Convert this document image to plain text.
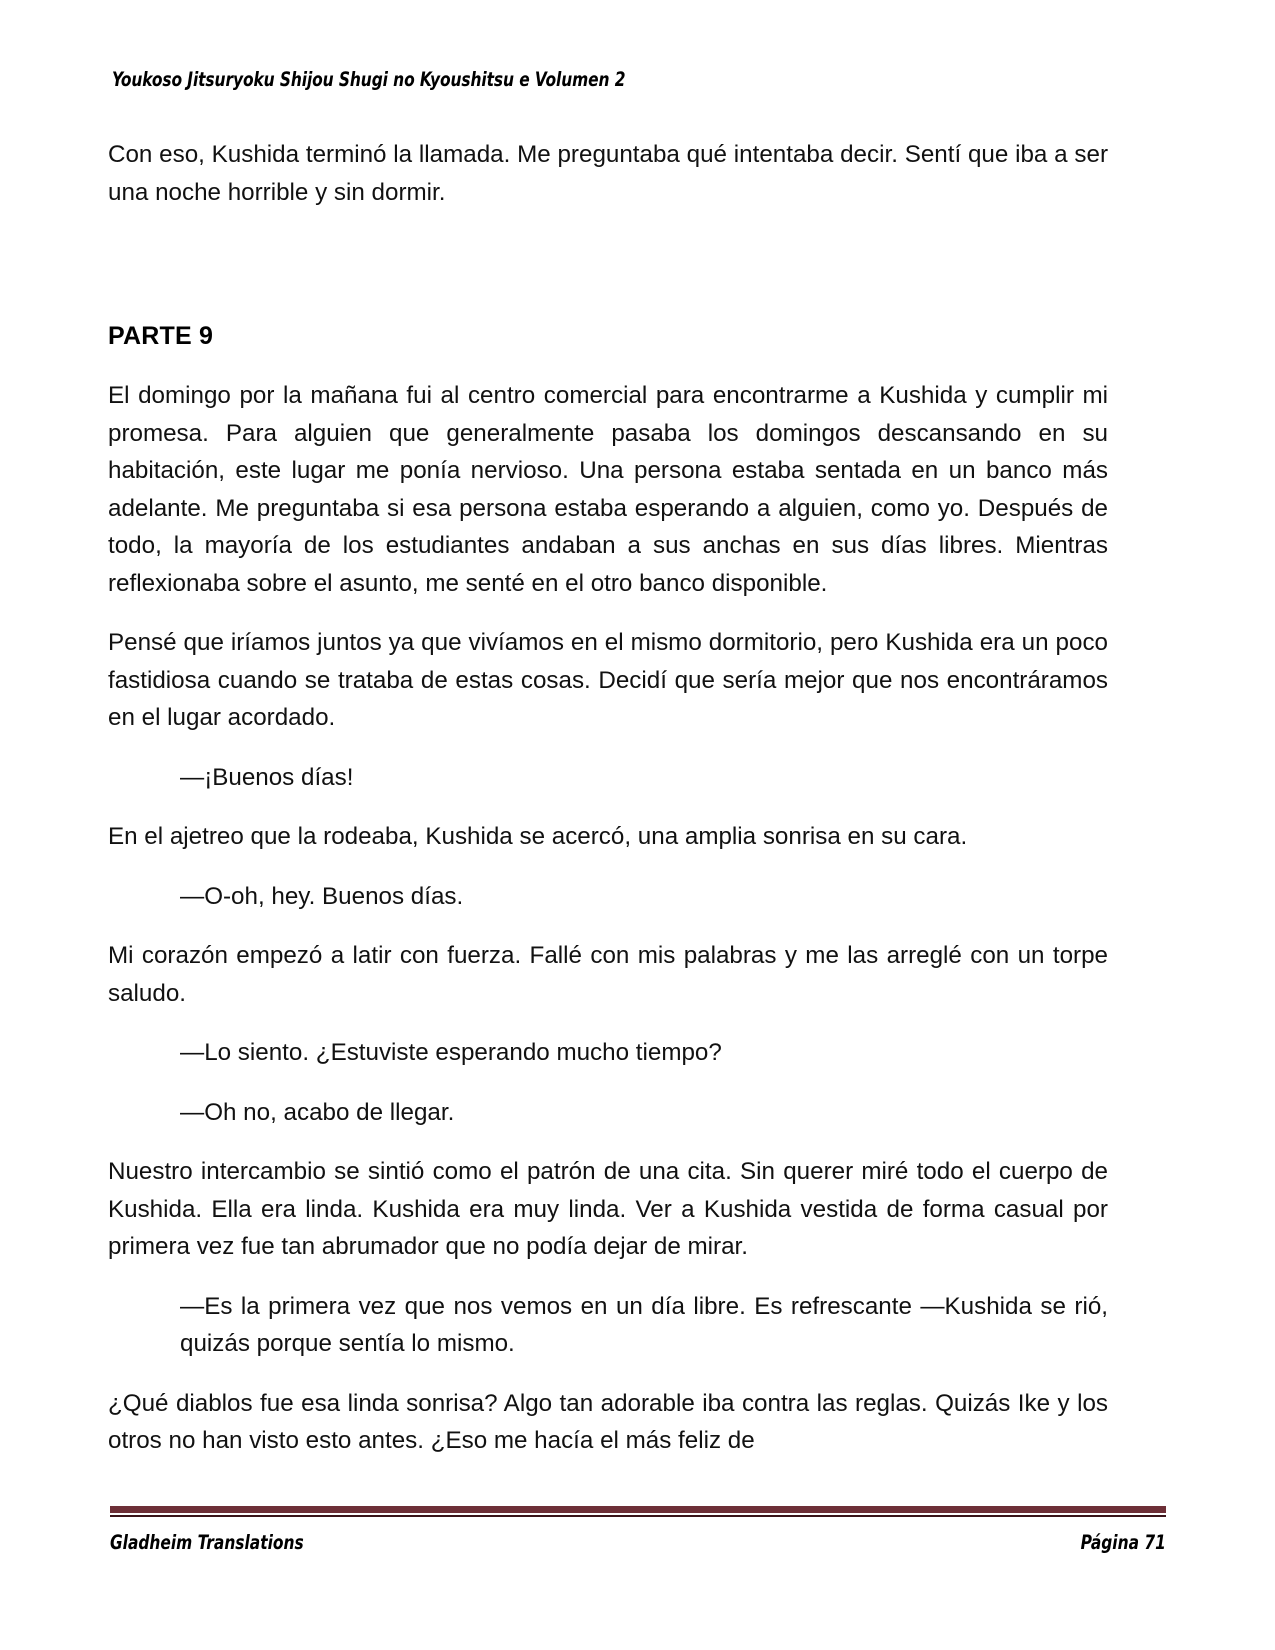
Youkoso Jitsuryoku Shijou Shugi no Kyoushitsu e Volumen 2

Con eso, Kushida terminó la llamada. Me preguntaba qué intentaba decir. Sentí que iba a ser una noche horrible y sin dormir.

PARTE 9

El domingo por la mañana fui al centro comercial para encontrarme a Kushida y cumplir mi promesa. Para alguien que generalmente pasaba los domingos descansando en su habitación, este lugar me ponía nervioso. Una persona estaba sentada en un banco más adelante. Me preguntaba si esa persona estaba esperando a alguien, como yo. Después de todo, la mayoría de los estudiantes andaban a sus anchas en sus días libres. Mientras reflexionaba sobre el asunto, me senté en el otro banco disponible.

Pensé que iríamos juntos ya que vivíamos en el mismo dormitorio, pero Kushida era un poco fastidiosa cuando se trataba de estas cosas. Decidí que sería mejor que nos encontráramos en el lugar acordado.

—¡Buenos días!

En el ajetreo que la rodeaba, Kushida se acercó, una amplia sonrisa en su cara.

—O-oh, hey. Buenos días.

Mi corazón empezó a latir con fuerza. Fallé con mis palabras y me las arreglé con un torpe saludo.

—Lo siento. ¿Estuviste esperando mucho tiempo?

—Oh no, acabo de llegar.

Nuestro intercambio se sintió como el patrón de una cita. Sin querer miré todo el cuerpo de Kushida. Ella era linda. Kushida era muy linda. Ver a Kushida vestida de forma casual por primera vez fue tan abrumador que no podía dejar de mirar.

—Es la primera vez que nos vemos en un día libre. Es refrescante —Kushida se rió, quizás porque sentía lo mismo.

¿Qué diablos fue esa linda sonrisa? Algo tan adorable iba contra las reglas. Quizás Ike y los otros no han visto esto antes. ¿Eso me hacía el más feliz de

Gladheim Translations	Página 71
